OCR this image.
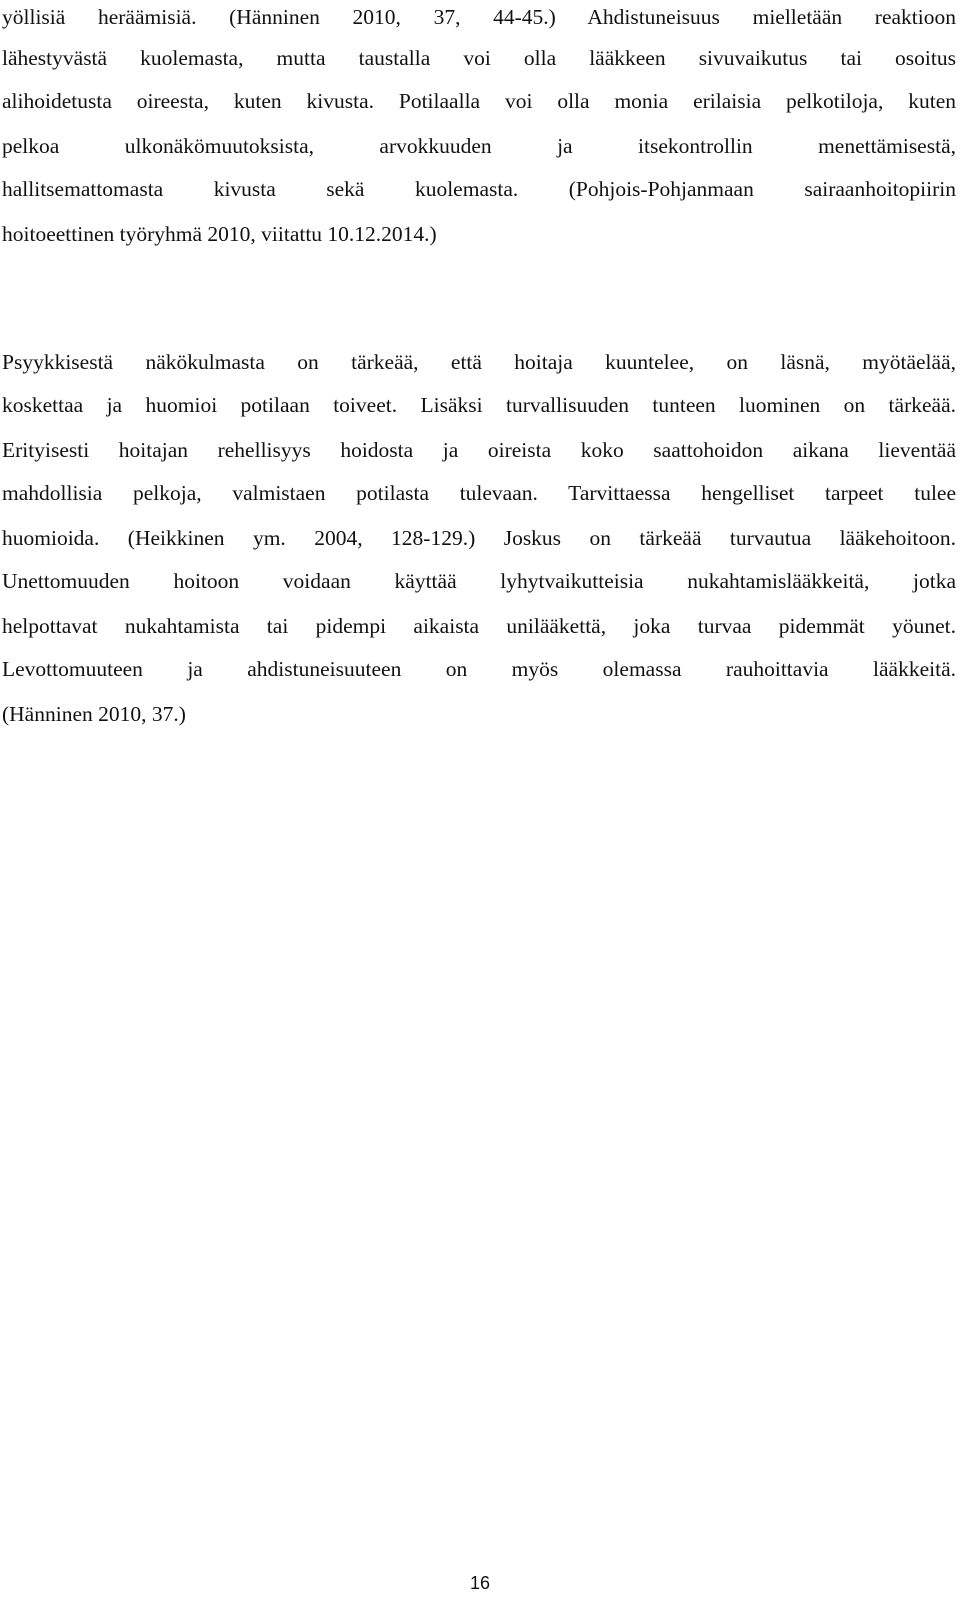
yöllisiä heräämisiä. (Hänninen 2010, 37, 44-45.) Ahdistuneisuus mielletään reaktioon

lähestyvästä kuolemasta, mutta taustalla voi olla lääkkeen sivuvaikutus tai osoitus

alihoidetusta oireesta, kuten kivusta. Potilaalla voi olla monia erilaisia pelkotiloja, kuten

pelkoa ulkonäkömuutoksista, arvokkuuden ja itsekontrollin menettämisestä,

hallitsemattomasta kivusta sekä kuolemasta. (Pohjois-Pohjanmaan sairaanhoitopiirin

hoitoeettinen työryhmä 2010, viitattu 10.12.2014.)

Psyykkisestä näkökulmasta on tärkeää, että hoitaja kuuntelee, on läsnä, myötäelää,

koskettaa ja huomioi potilaan toiveet. Lisäksi turvallisuuden tunteen luominen on tärkeää.

Erityisesti hoitajan rehellisyys hoidosta ja oireista koko saattohoidon aikana lieventää

mahdollisia pelkoja, valmistaen potilasta tulevaan. Tarvittaessa hengelliset tarpeet tulee

huomioida. (Heikkinen ym. 2004, 128-129.) Joskus on tärkeää turvautua lääkehoitoon.

Unettomuuden hoitoon voidaan käyttää lyhytvaikutteisia nukahtamislääkkeitä, jotka

helpottavat nukahtamista tai pidempi aikaista unilääkettä, joka turvaa pidemmät yöunet.

Levottomuuteen ja ahdistuneisuuteen on myös olemassa rauhoittavia lääkkeitä.

(Hänninen 2010, 37.)

16
